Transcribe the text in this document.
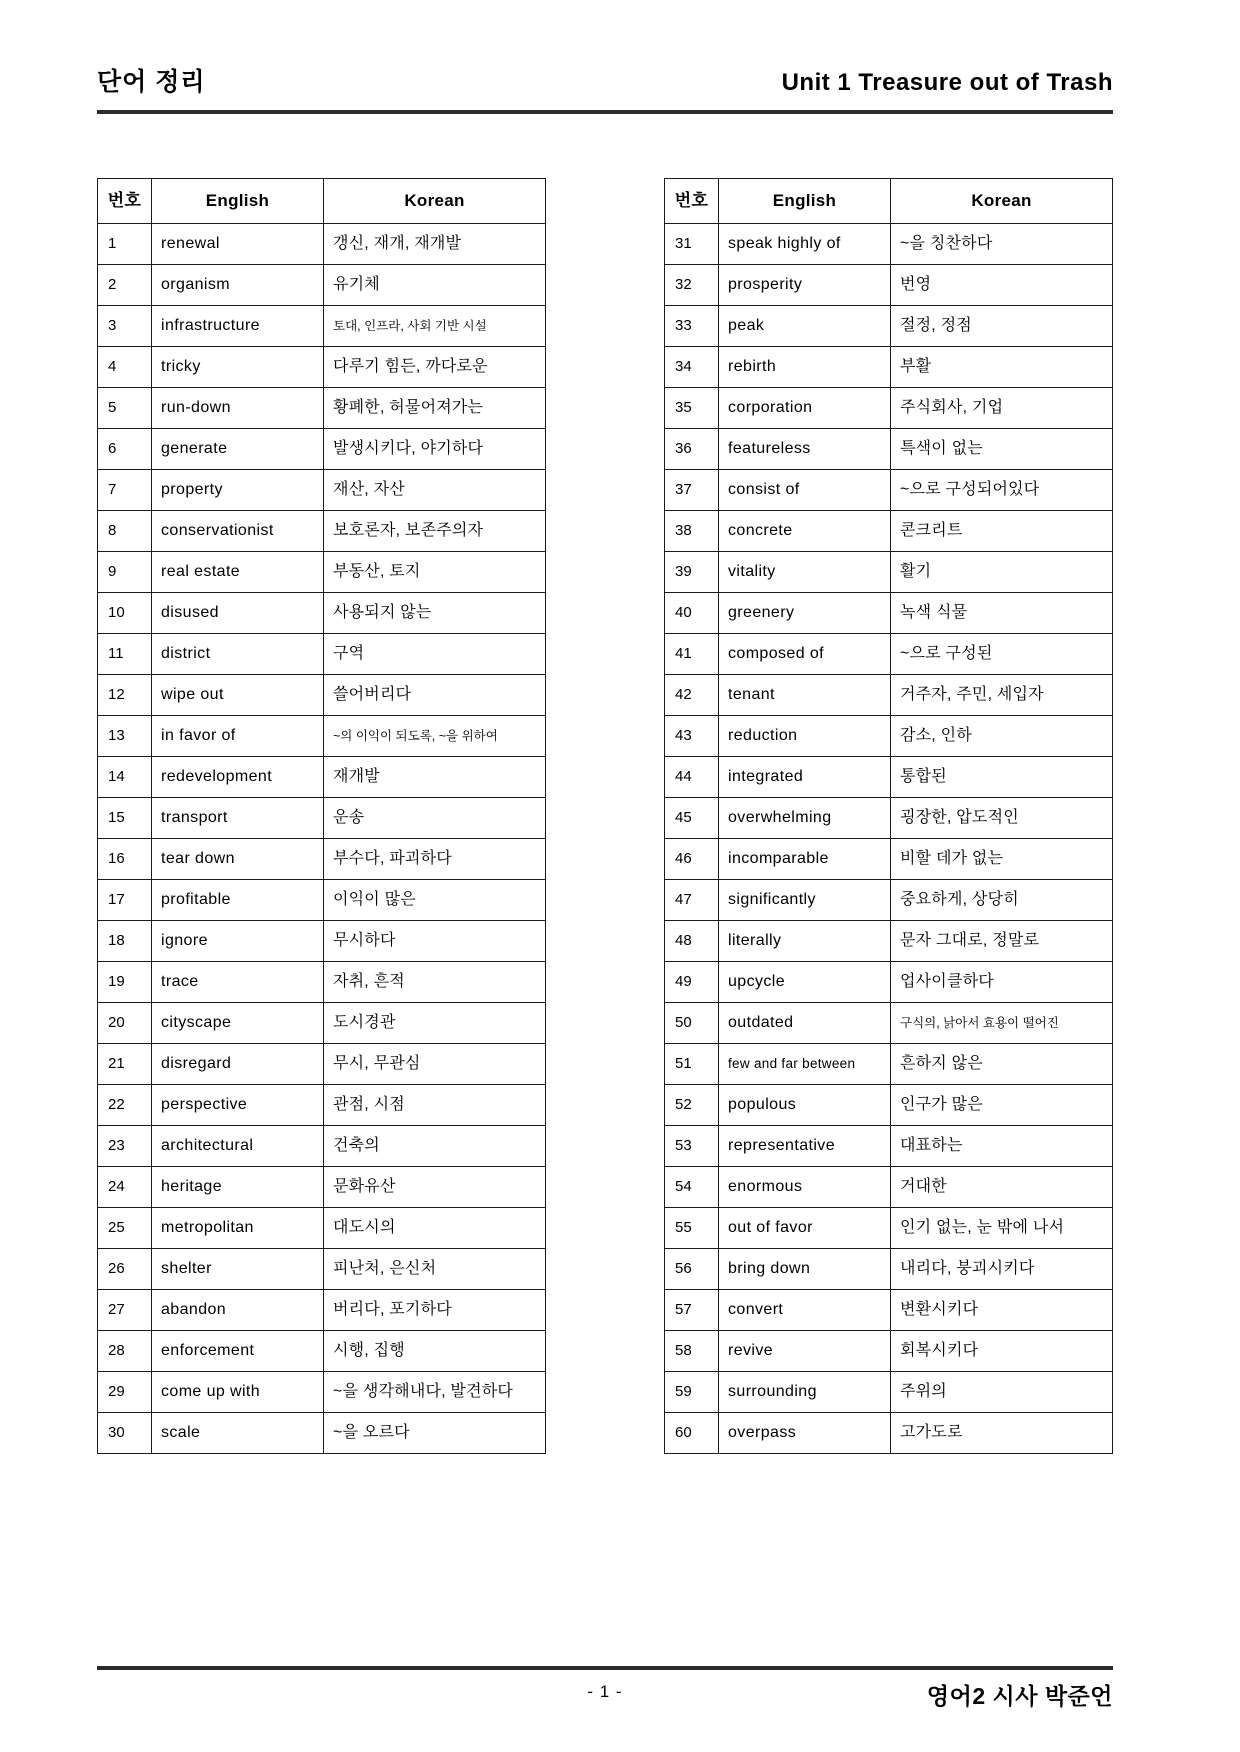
단어 정리	Unit 1 Treasure out of Trash
번호	English	Korean
1	renewal	갱신, 재개, 재개발
2	organism	유기체
3	infrastructure	토대, 인프라, 사회 기반 시설
4	tricky	다루기 힘든, 까다로운
5	run-down	황폐한, 허물어져가는
6	generate	발생시키다, 야기하다
7	property	재산, 자산
8	conservationist	보호론자, 보존주의자
9	real estate	부동산, 토지
10	disused	사용되지 않는
11	district	구역
12	wipe out	쓸어버리다
13	in favor of	~의 이익이 되도록, ~을 위하여
14	redevelopment	재개발
15	transport	운송
16	tear down	부수다, 파괴하다
17	profitable	이익이 많은
18	ignore	무시하다
19	trace	자취, 흔적
20	cityscape	도시경관
21	disregard	무시, 무관심
22	perspective	관점, 시점
23	architectural	건축의
24	heritage	문화유산
25	metropolitan	대도시의
26	shelter	피난처, 은신처
27	abandon	버리다, 포기하다
28	enforcement	시행, 집행
29	come up with	~을 생각해내다, 발견하다
30	scale	~을 오르다
번호	English	Korean
31	speak highly of	~을 칭찬하다
32	prosperity	번영
33	peak	절정, 정점
34	rebirth	부활
35	corporation	주식회사, 기업
36	featureless	특색이 없는
37	consist of	~으로 구성되어있다
38	concrete	콘크리트
39	vitality	활기
40	greenery	녹색 식물
41	composed of	~으로 구성된
42	tenant	거주자, 주민, 세입자
43	reduction	감소, 인하
44	integrated	통합된
45	overwhelming	굉장한, 압도적인
46	incomparable	비할 데가 없는
47	significantly	중요하게, 상당히
48	literally	문자 그대로, 정말로
49	upcycle	업사이클하다
50	outdated	구식의, 낡아서 효용이 떨어진
51	few and far between	흔하지 않은
52	populous	인구가 많은
53	representative	대표하는
54	enormous	거대한
55	out of favor	인기 없는, 눈 밖에 나서
56	bring down	내리다, 붕괴시키다
57	convert	변환시키다
58	revive	회복시키다
59	surrounding	주위의
60	overpass	고가도로
- 1 -	영어2 시사 박준언
